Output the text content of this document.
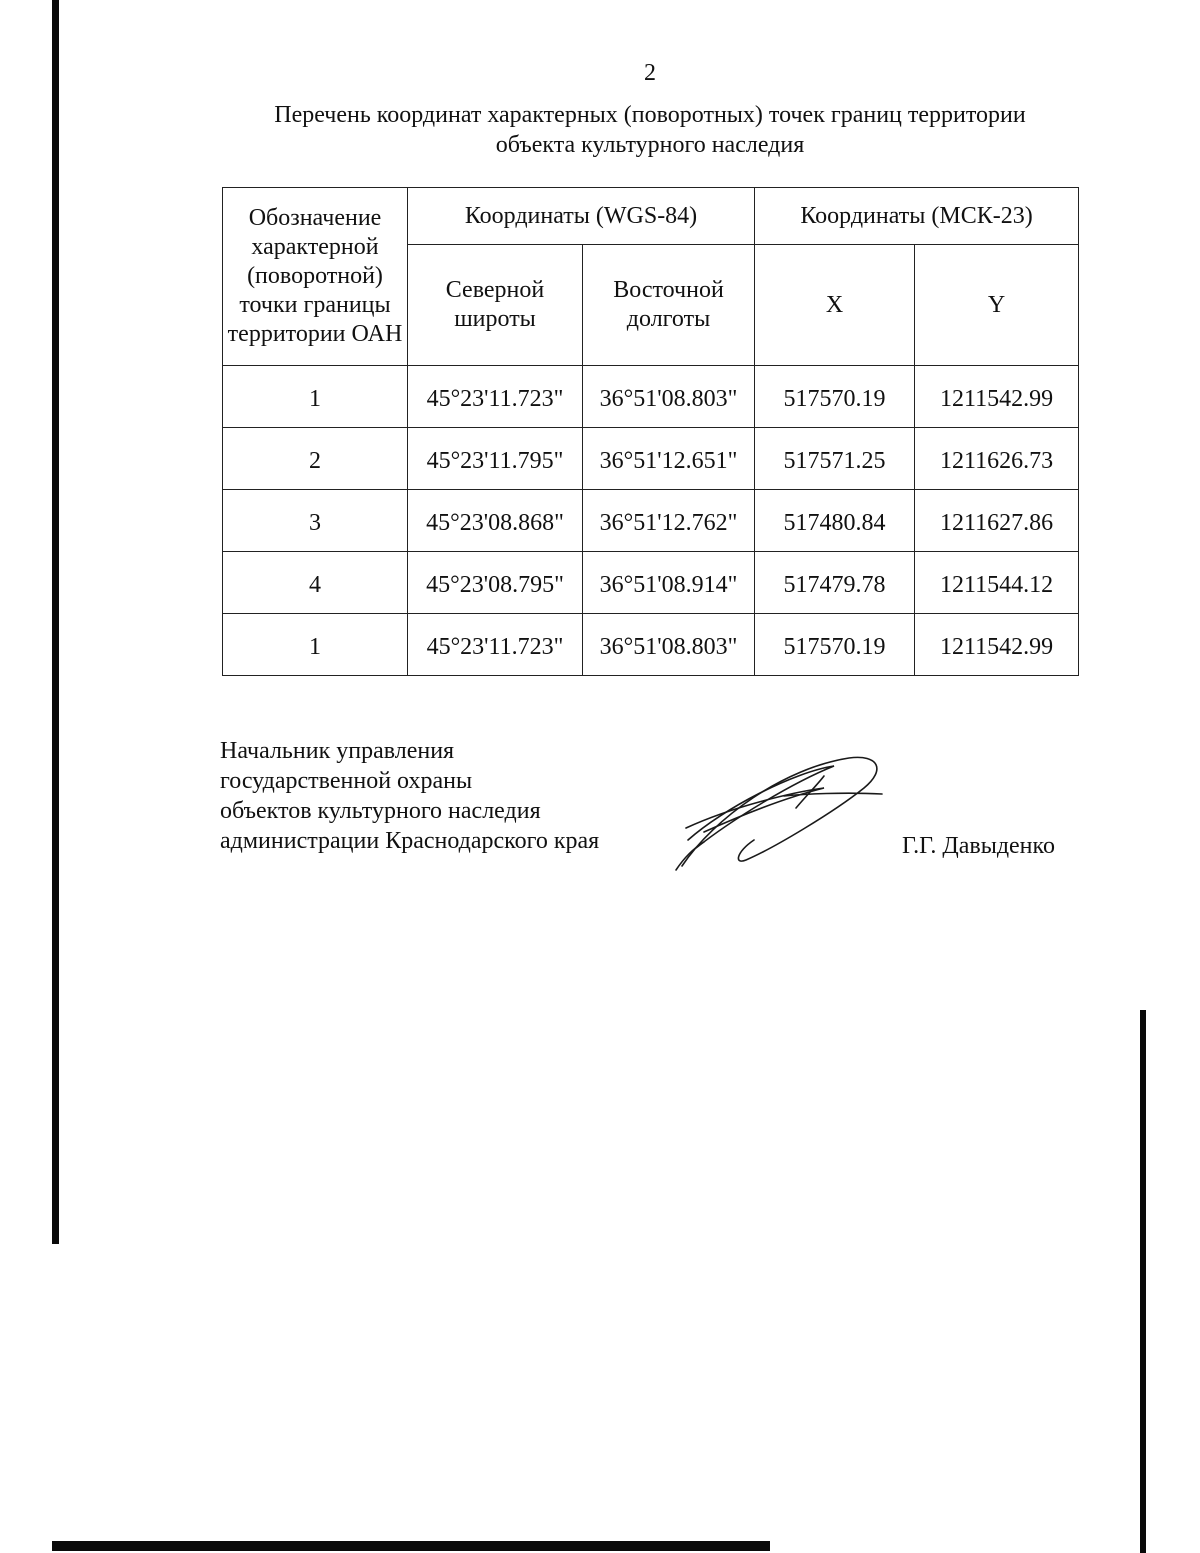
2
Перечень координат характерных (поворотных) точек границ территории
объекта культурного наследия
Обозначение характерной (поворотной) точки границы территории ОАН	Координаты (WGS-84)		Координаты (МСК-23)	
	Северной широты	Восточной долготы	X	Y
1	45°23'11.723"	36°51'08.803"	517570.19	1211542.99
2	45°23'11.795"	36°51'12.651"	517571.25	1211626.73
3	45°23'08.868"	36°51'12.762"	517480.84	1211627.86
4	45°23'08.795"	36°51'08.914"	517479.78	1211544.12
1	45°23'11.723"	36°51'08.803"	517570.19	1211542.99
Начальник управления
государственной охраны
объектов культурного наследия
администрации Краснодарского края	Г.Г. Давыденко
